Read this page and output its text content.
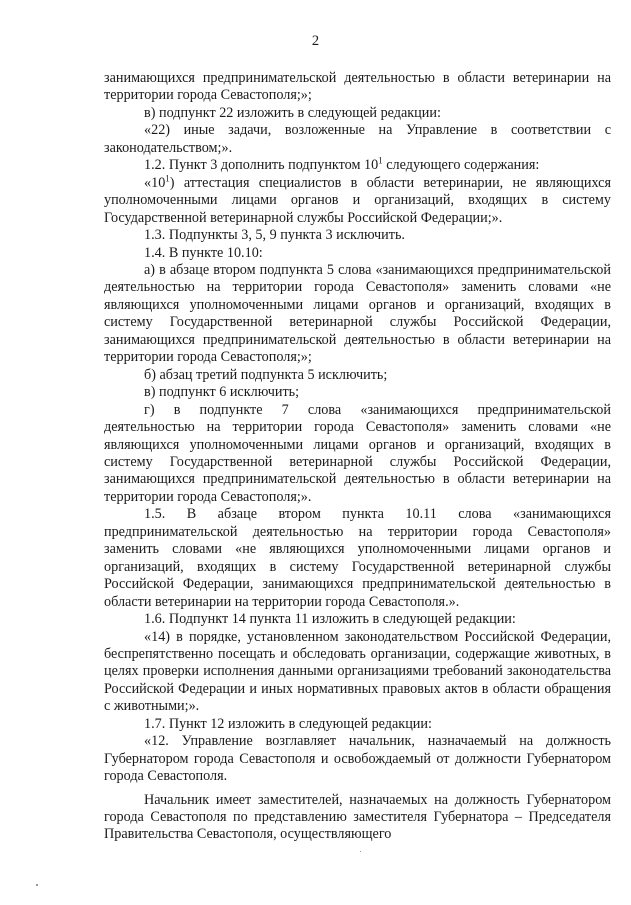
2

занимающихся предпринимательской деятельностью в области ветеринарии на территории города Севастополя;»;

в) подпункт 22 изложить в следующей редакции:

«22) иные задачи, возложенные на Управление в соответствии с законодательством;».

1.2. Пункт 3 дополнить подпунктом $10^1$ следующего содержания:

«$10^1$) аттестация специалистов в области ветеринарии, не являющихся уполномоченными лицами органов и организаций, входящих в систему Государственной ветеринарной службы Российской Федерации;».

1.3. Подпункты 3, 5, 9 пункта 3 исключить.

1.4. В пункте 10.10:

а) в абзаце втором подпункта 5 слова «занимающихся предпринимательской деятельностью на территории города Севастополя» заменить словами «не являющихся уполномоченными лицами органов и организаций, входящих в систему Государственной ветеринарной службы Российской Федерации, занимающихся предпринимательской деятельностью в области ветеринарии на территории города Севастополя;»;

б) абзац третий подпункта 5 исключить;

в) подпункт 6 исключить;

г) в подпункте 7 слова «занимающихся предпринимательской деятельностью на территории города Севастополя» заменить словами «не являющихся уполномоченными лицами органов и организаций, входящих в систему Государственной ветеринарной службы Российской Федерации, занимающихся предпринимательской деятельностью в области ветеринарии на территории города Севастополя;».

1.5. В абзаце втором пункта 10.11 слова «занимающихся предпринимательской деятельностью на территории города Севастополя» заменить словами «не являющихся уполномоченными лицами органов и организаций, входящих в систему Государственной ветеринарной службы Российской Федерации, занимающихся предпринимательской деятельностью в области ветеринарии на территории города Севастополя.».

1.6. Подпункт 14 пункта 11 изложить в следующей редакции:

«14) в порядке, установленном законодательством Российской Федерации, беспрепятственно посещать и обследовать организации, содержащие животных, в целях проверки исполнения данными организациями требований законодательства Российской Федерации и иных нормативных правовых актов в области обращения с животными;».

1.7. Пункт 12 изложить в следующей редакции:

«12. Управление возглавляет начальник, назначаемый на должность Губернатором города Севастополя и освобождаемый от должности Губернатором города Севастополя.

Начальник имеет заместителей, назначаемых на должность Губернатором города Севастополя по представлению заместителя Губернатора – Председателя Правительства Севастополя, осуществляющего
